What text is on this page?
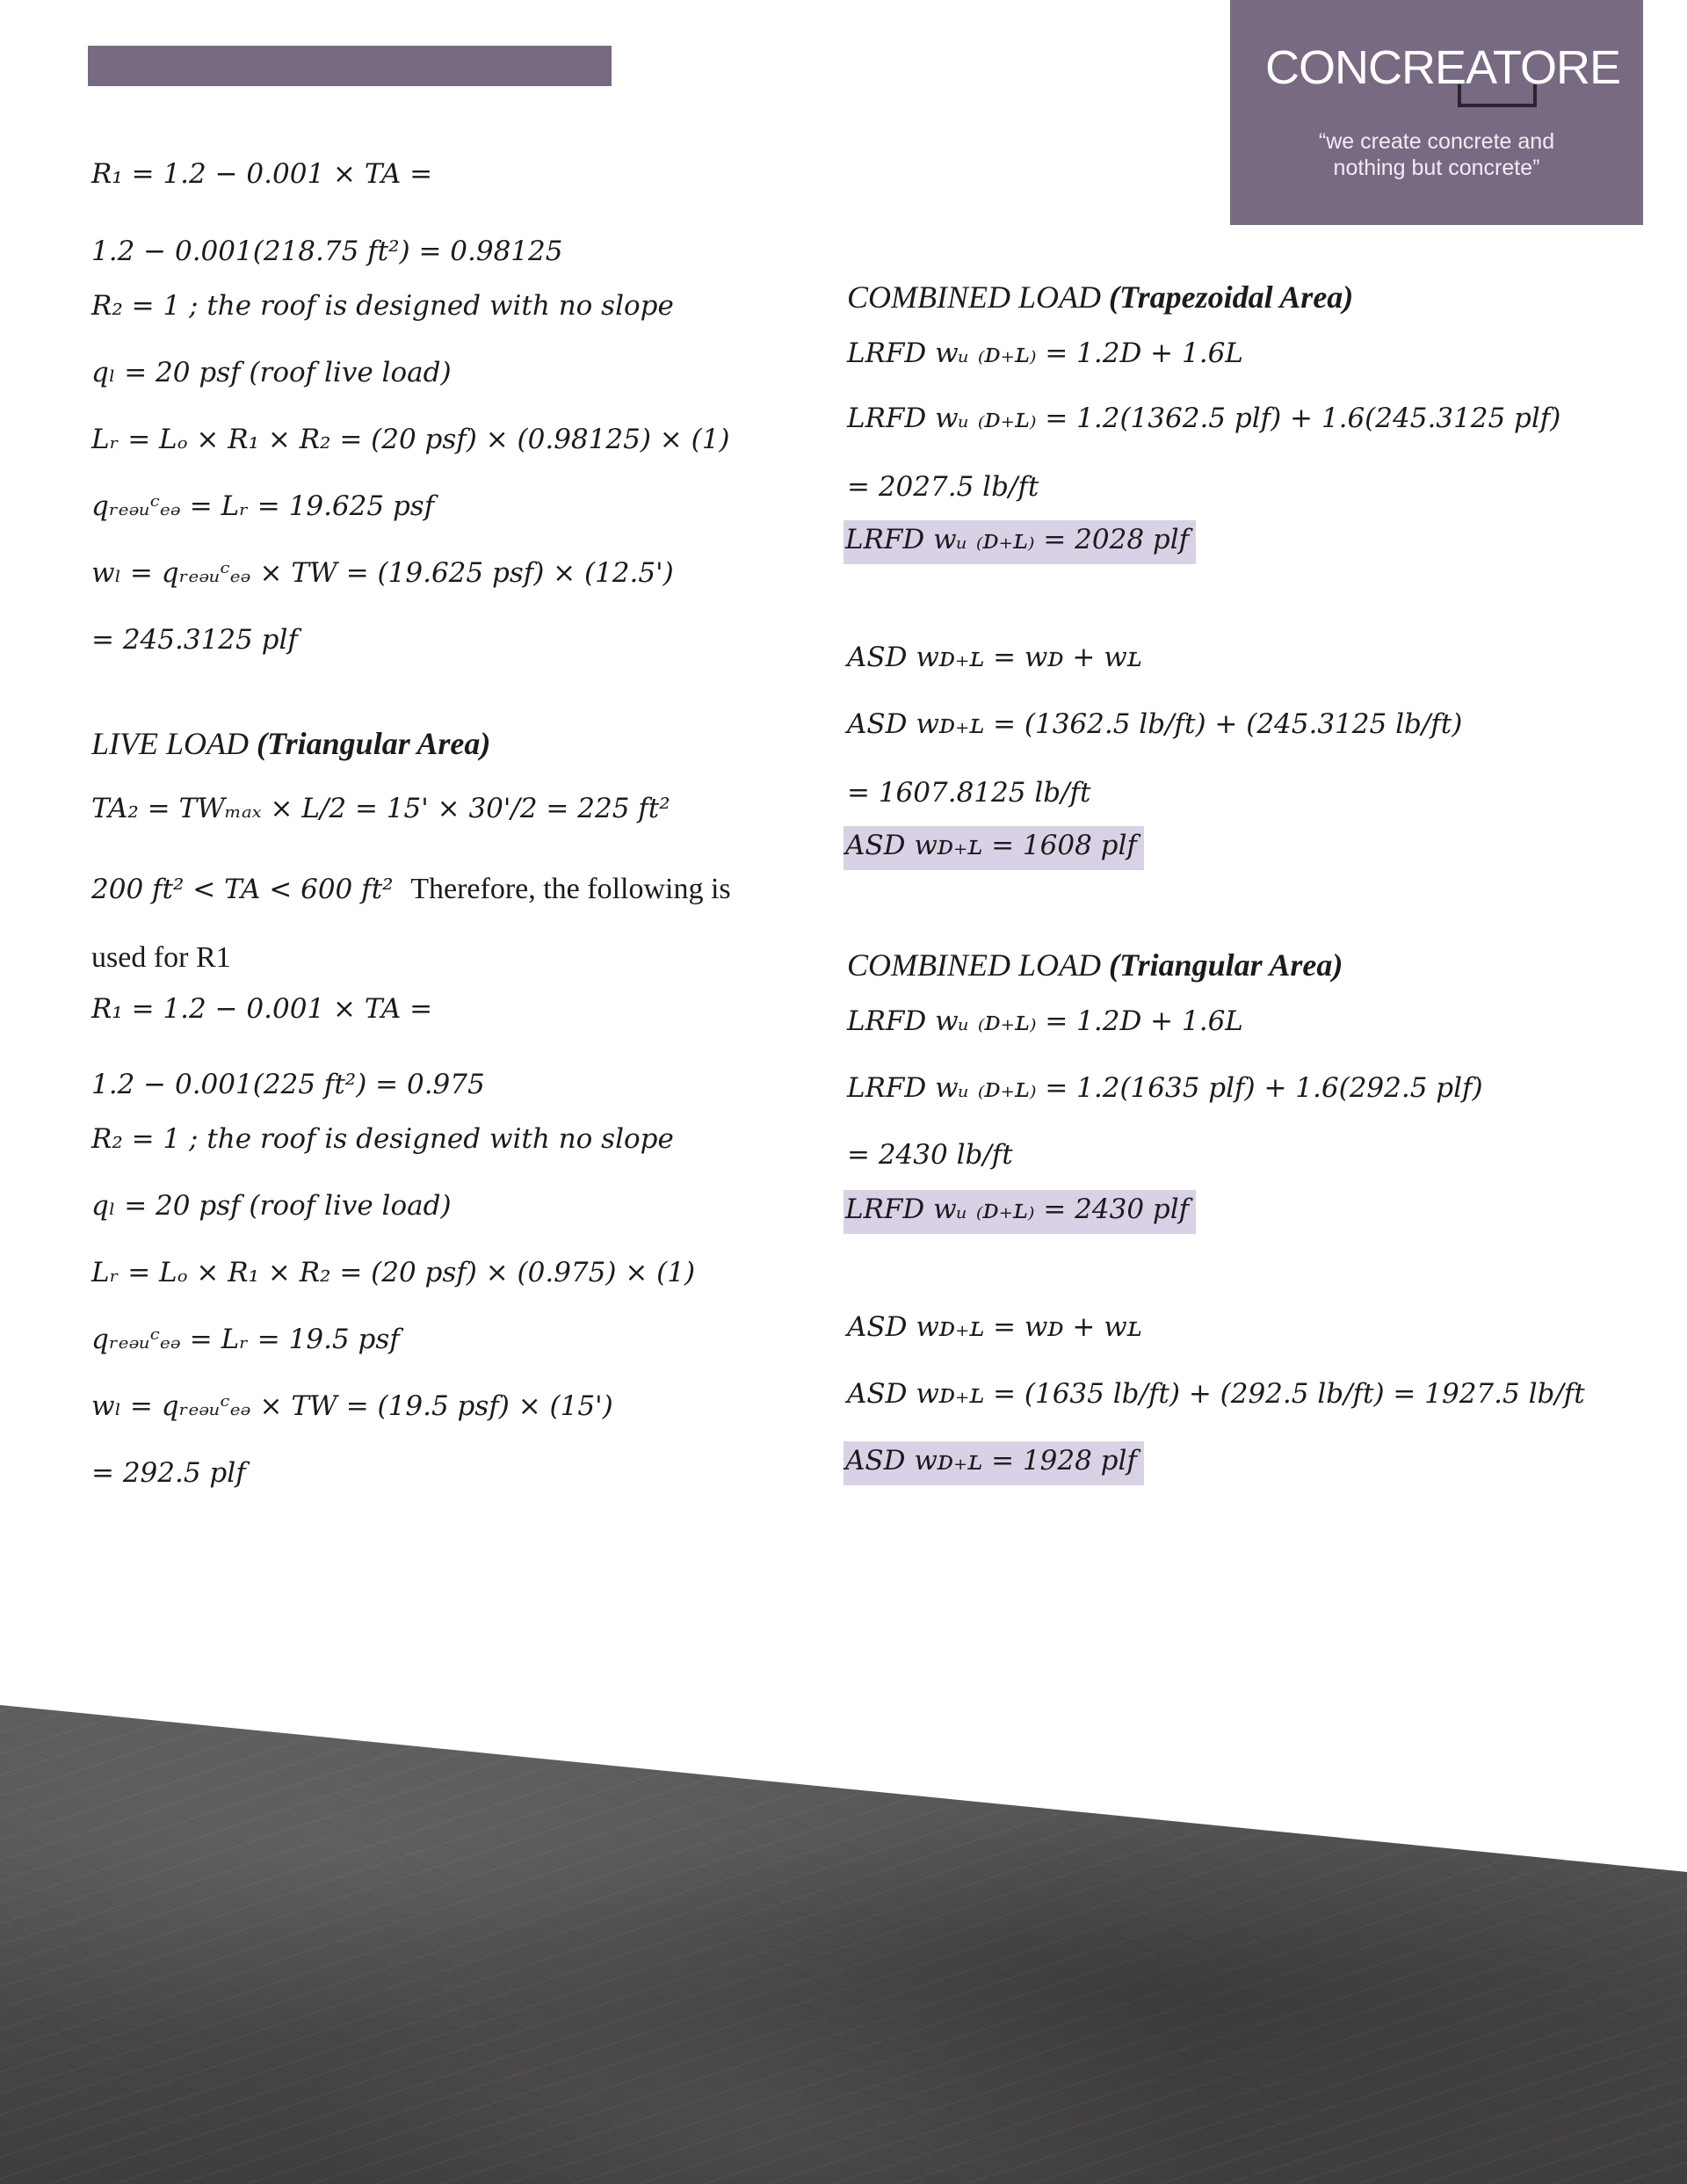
CONCREATORE
“we create concrete and
nothing but concrete”
R₁ = 1.2 − 0.001 × TA =
1.2 − 0.001(218.75 ft²) = 0.98125
R₂ = 1 ; the roof is designed with no slope
qₗ = 20 psf (roof live load)
Lᵣ = Lₒ × R₁ × R₂ = (20 psf) × (0.98125) × (1)
qᵣₑₔᵤᶜₑₔ = Lᵣ = 19.625 psf
wₗ = qᵣₑₔᵤᶜₑₔ × TW = (19.625 psf) × (12.5')
= 245.3125 plf
LIVE LOAD (Triangular Area)
TA₂ = TWₘₐₓ × L/2 = 15' × 30'/2 = 225 ft²
200 ft² < TA < 600 ft² Therefore, the following is
used for R1
R₁ = 1.2 − 0.001 × TA =
1.2 − 0.001(225 ft²) = 0.975
R₂ = 1 ; the roof is designed with no slope
qₗ = 20 psf (roof live load)
Lᵣ = Lₒ × R₁ × R₂ = (20 psf) × (0.975) × (1)
qᵣₑₔᵤᶜₑₔ = Lᵣ = 19.5 psf
wₗ = qᵣₑₔᵤᶜₑₔ × TW = (19.5 psf) × (15')
= 292.5 plf
COMBINED LOAD (Trapezoidal Area)
LRFD wᵤ ₍ᴅ₊ʟ₎ = 1.2D + 1.6L
LRFD wᵤ ₍ᴅ₊ʟ₎ = 1.2(1362.5 plf) + 1.6(245.3125 plf)
= 2027.5 lb/ft
LRFD wᵤ ₍ᴅ₊ʟ₎ = 2028 plf
ASD wᴅ₊ʟ = wᴅ + wʟ
ASD wᴅ₊ʟ = (1362.5 lb/ft) + (245.3125 lb/ft)
= 1607.8125 lb/ft
ASD wᴅ₊ʟ = 1608 plf
COMBINED LOAD (Triangular Area)
LRFD wᵤ ₍ᴅ₊ʟ₎ = 1.2D + 1.6L
LRFD wᵤ ₍ᴅ₊ʟ₎ = 1.2(1635 plf) + 1.6(292.5 plf)
= 2430 lb/ft
LRFD wᵤ ₍ᴅ₊ʟ₎ = 2430 plf
ASD wᴅ₊ʟ = wᴅ + wʟ
ASD wᴅ₊ʟ = (1635 lb/ft) + (292.5 lb/ft) = 1927.5 lb/ft
ASD wᴅ₊ʟ = 1928 plf
